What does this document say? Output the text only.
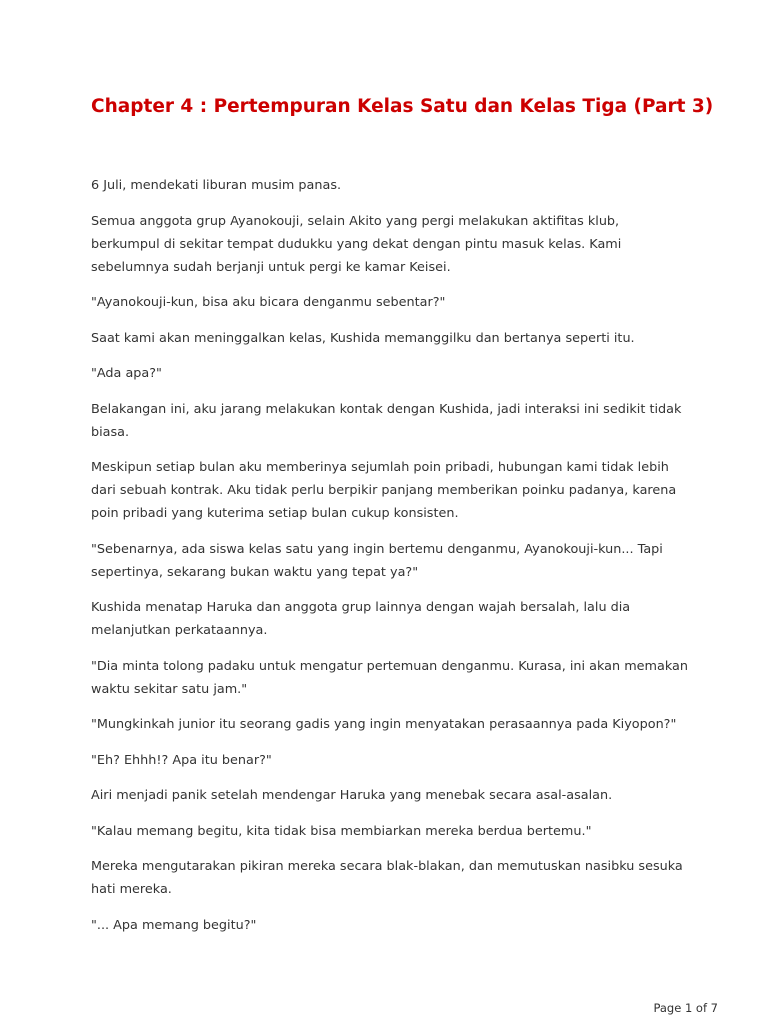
Chapter 4 : Pertempuran Kelas Satu dan Kelas Tiga (Part 3)

6 Juli, mendekati liburan musim panas.

Semua anggota grup Ayanokouji, selain Akito yang pergi melakukan aktifitas klub, berkumpul di sekitar tempat dudukku yang dekat dengan pintu masuk kelas. Kami sebelumnya sudah berjanji untuk pergi ke kamar Keisei.

"Ayanokouji-kun, bisa aku bicara denganmu sebentar?"

Saat kami akan meninggalkan kelas, Kushida memanggilku dan bertanya seperti itu.

"Ada apa?"

Belakangan ini, aku jarang melakukan kontak dengan Kushida, jadi interaksi ini sedikit tidak biasa.

Meskipun setiap bulan aku memberinya sejumlah poin pribadi, hubungan kami tidak lebih dari sebuah kontrak. Aku tidak perlu berpikir panjang memberikan poinku padanya, karena poin pribadi yang kuterima setiap bulan cukup konsisten.

"Sebenarnya, ada siswa kelas satu yang ingin bertemu denganmu, Ayanokouji-kun... Tapi sepertinya, sekarang bukan waktu yang tepat ya?"

Kushida menatap Haruka dan anggota grup lainnya dengan wajah bersalah, lalu dia melanjutkan perkataannya.

"Dia minta tolong padaku untuk mengatur pertemuan denganmu. Kurasa, ini akan memakan waktu sekitar satu jam."

"Mungkinkah junior itu seorang gadis yang ingin menyatakan perasaannya pada Kiyopon?"

"Eh? Ehhh!? Apa itu benar?"

Airi menjadi panik setelah mendengar Haruka yang menebak secara asal-asalan.

"Kalau memang begitu, kita tidak bisa membiarkan mereka berdua bertemu."

Mereka mengutarakan pikiran mereka secara blak-blakan, dan memutuskan nasibku sesuka hati mereka.

"... Apa memang begitu?"

Page 1 of 7
